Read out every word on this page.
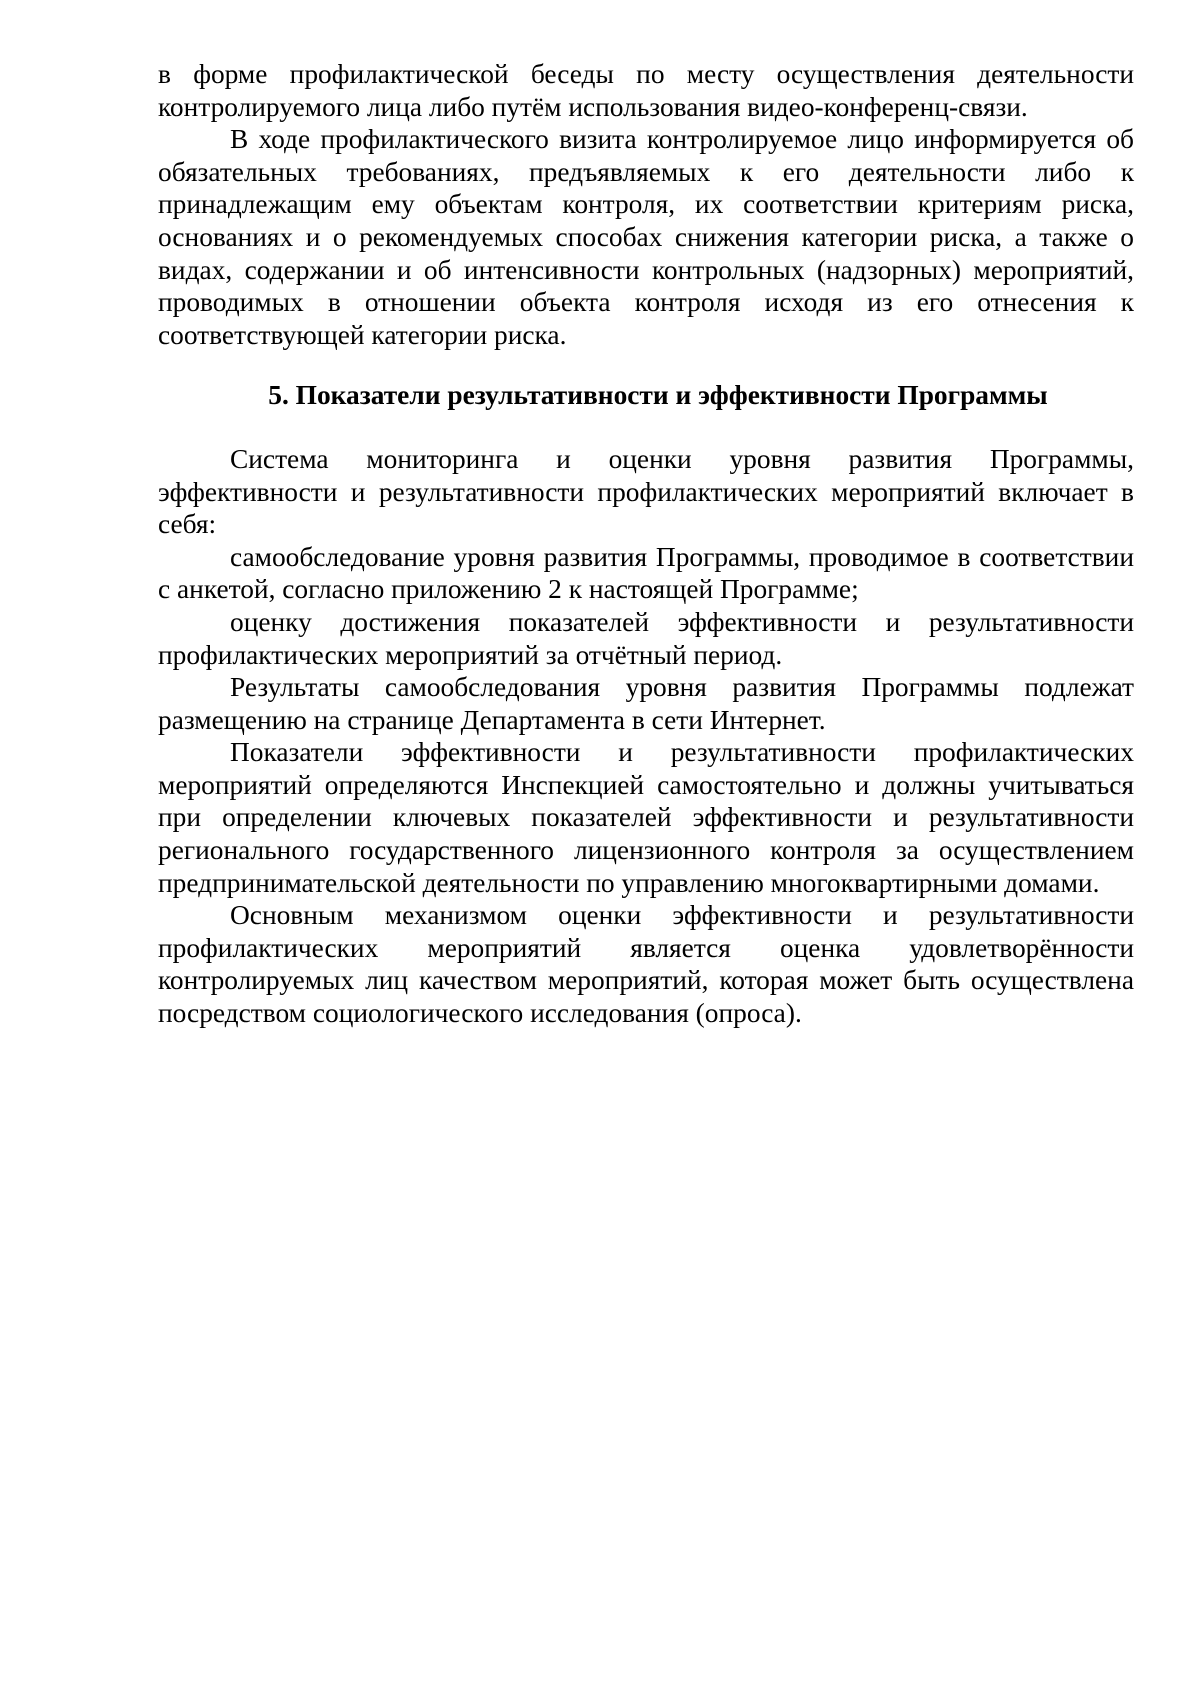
в форме профилактической беседы по месту осуществления деятельности контролируемого лица либо путём использования видео-конференц-связи.

В ходе профилактического визита контролируемое лицо информируется об обязательных требованиях, предъявляемых к его деятельности либо к принадлежащим ему объектам контроля, их соответствии критериям риска, основаниях и о рекомендуемых способах снижения категории риска, а также о видах, содержании и об интенсивности контрольных (надзорных) мероприятий, проводимых в отношении объекта контроля исходя из его отнесения к соответствующей категории риска.

5. Показатели результативности и эффективности Программы

Система мониторинга и оценки уровня развития Программы, эффективности и результативности профилактических мероприятий включает в себя:

самообследование уровня развития Программы, проводимое в соответствии с анкетой, согласно приложению 2 к настоящей Программе;

оценку достижения показателей эффективности и результативности профилактических мероприятий за отчётный период.

Результаты самообследования уровня развития Программы подлежат размещению на странице Департамента в сети Интернет.

Показатели эффективности и результативности профилактических мероприятий определяются Инспекцией самостоятельно и должны учитываться при определении ключевых показателей эффективности и результативности регионального государственного лицензионного контроля за осуществлением предпринимательской деятельности по управлению многоквартирными домами.

Основным механизмом оценки эффективности и результативности профилактических мероприятий является оценка удовлетворённости контролируемых лиц качеством мероприятий, которая может быть осуществлена посредством социологического исследования (опроса).
